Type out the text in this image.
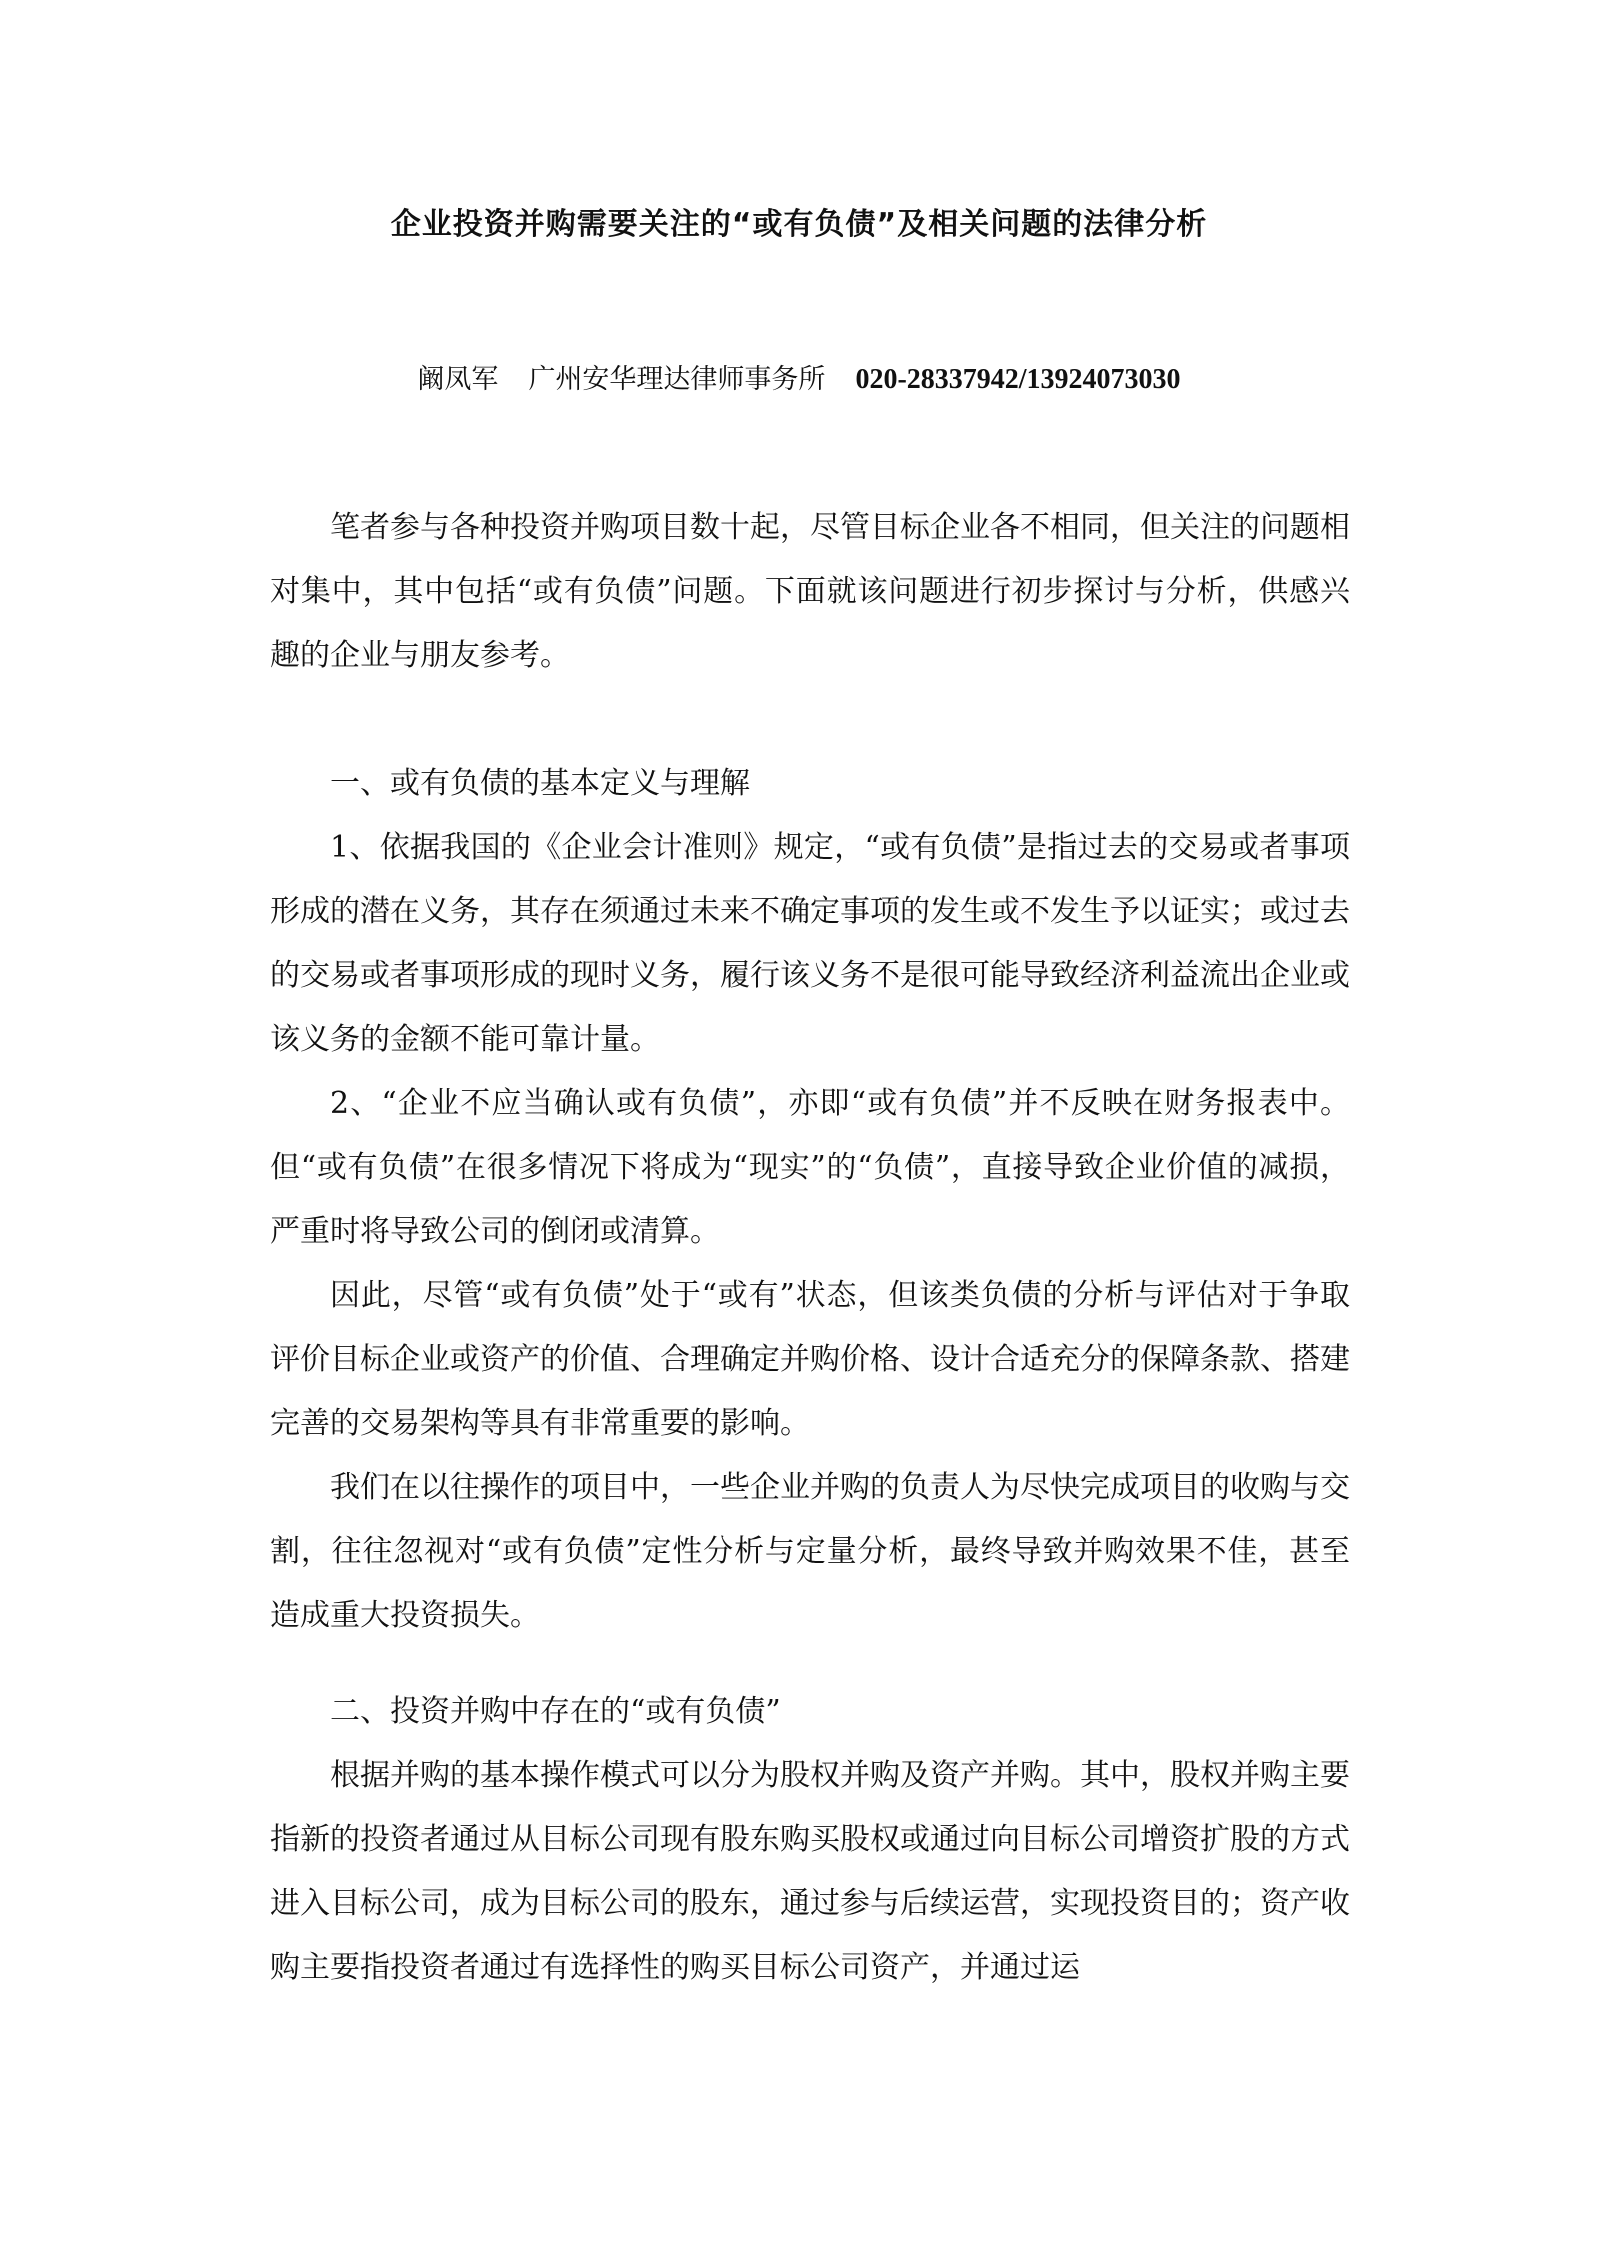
企业投资并购需要关注的“或有负债”及相关问题的法律分析
阚凤军 广州安华理达律师事务所 020-28337942/13924073030

笔者参与各种投资并购项目数十起，尽管目标企业各不相同，但关注的问题相对集中，其中包括“或有负债”问题。下面就该问题进行初步探讨与分析，供感兴趣的企业与朋友参考。

一、或有负债的基本定义与理解

1、依据我国的《企业会计准则》规定，“或有负债”是指过去的交易或者事项形成的潜在义务，其存在须通过未来不确定事项的发生或不发生予以证实；或过去的交易或者事项形成的现时义务，履行该义务不是很可能导致经济利益流出企业或该义务的金额不能可靠计量。

2、“企业不应当确认或有负债”，亦即“或有负债”并不反映在财务报表中。但“或有负债”在很多情况下将成为“现实”的“负债”，直接导致企业价值的减损，严重时将导致公司的倒闭或清算。

因此，尽管“或有负债”处于“或有”状态，但该类负债的分析与评估对于争取评价目标企业或资产的价值、合理确定并购价格、设计合适充分的保障条款、搭建完善的交易架构等具有非常重要的影响。

我们在以往操作的项目中，一些企业并购的负责人为尽快完成项目的收购与交割，往往忽视对“或有负债”定性分析与定量分析，最终导致并购效果不佳，甚至造成重大投资损失。

二、投资并购中存在的“或有负债”

根据并购的基本操作模式可以分为股权并购及资产并购。其中，股权并购主要指新的投资者通过从目标公司现有股东购买股权或通过向目标公司增资扩股的方式进入目标公司，成为目标公司的股东，通过参与后续运营，实现投资目的；资产收购主要指投资者通过有选择性的购买目标公司资产，并通过运
